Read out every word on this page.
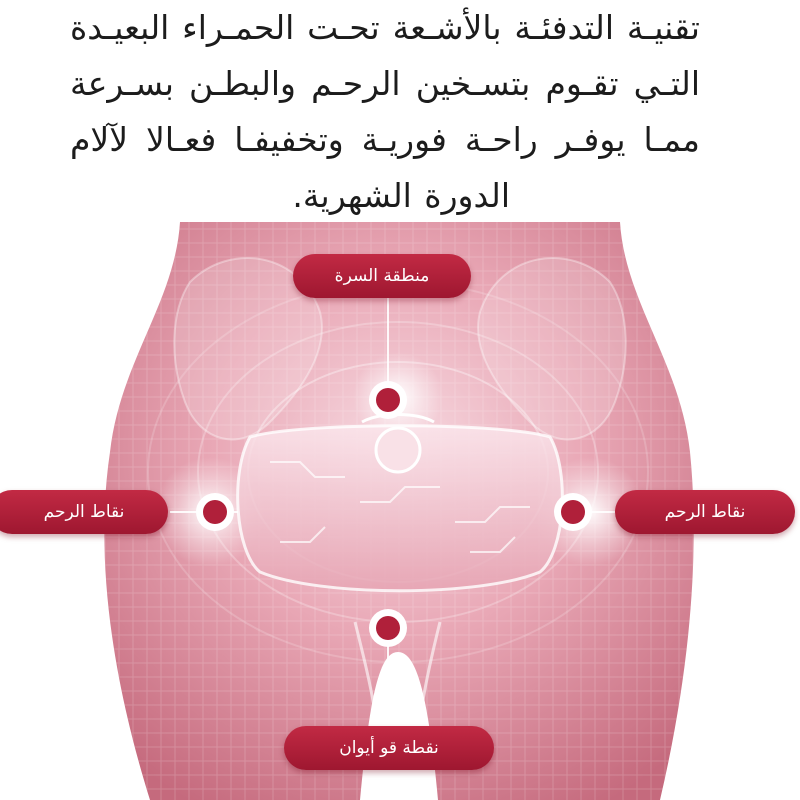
تقنيـة التدفئـة بالأشـعة تحـت الحمـراء البعيـدة
التـي تقـوم بتسـخين الرحـم والبطـن بسـرعة
ممـا يوفـر راحـة فوريـة وتخفيفـا فعـالا لآلام
الدورة الشهرية.
منطقة السرة
نقاط الرحم	نقاط الرحم
نقطة قو أيوان
